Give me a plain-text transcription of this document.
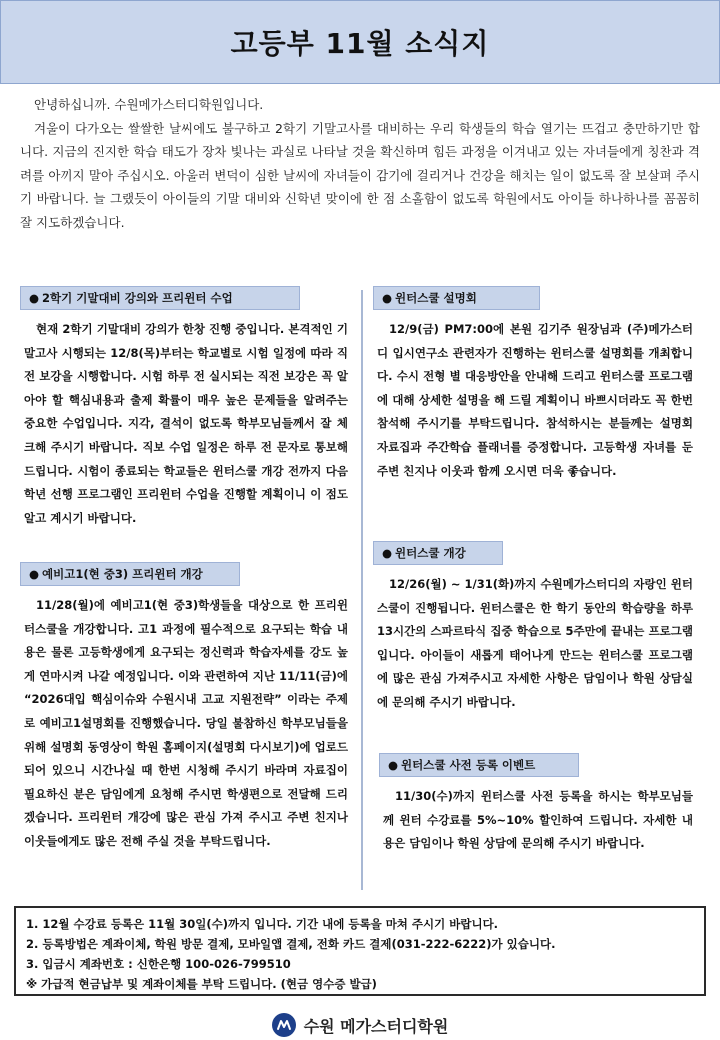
고등부 11월 소식지

안녕하십니까. 수원메가스터디학원입니다.

겨울이 다가오는 쌀쌀한 날씨에도 불구하고 2학기 기말고사를 대비하는 우리 학생들의 학습 열기는 뜨겁고 충만하기만 합니다. 지금의 진지한 학습 태도가 장차 빛나는 과실로 나타날 것을 확신하며 힘든 과정을 이겨내고 있는 자녀들에게 칭찬과 격려를 아끼지 말아 주십시오. 아울러 변덕이 심한 날씨에 자녀들이 감기에 걸리거나 건강을 해치는 일이 없도록 잘 보살펴 주시기 바랍니다. 늘 그랬듯이 아이들의 기말 대비와 신학년 맞이에 한 점 소홀함이 없도록 학원에서도 아이들 하나하나를 꼼꼼히 잘 지도하겠습니다.

● 2학기 기말대비 강의와 프리윈터 수업
현재 2학기 기말대비 강의가 한창 진행 중입니다. 본격적인 기말고사 시행되는 12/8(목)부터는 학교별로 시험 일정에 따라 직전 보강을 시행합니다. 시험 하루 전 실시되는 직전 보강은 꼭 알아야 할 핵심내용과 출제 확률이 매우 높은 문제들을 알려주는 중요한 수업입니다. 지각, 결석이 없도록 학부모님들께서 잘 체크해 주시기 바랍니다. 직보 수업 일정은 하루 전 문자로 통보해 드립니다. 시험이 종료되는 학교들은 윈터스쿨 개강 전까지 다음 학년 선행 프로그램인 프리윈터 수업을 진행할 계획이니 이 점도 알고 계시기 바랍니다.
● 예비고1(현 중3) 프리윈터 개강
11/28(월)에 예비고1(현 중3)학생들을 대상으로 한 프리윈터스쿨을 개강합니다. 고1 과정에 필수적으로 요구되는 학습 내용은 물론 고등학생에게 요구되는 정신력과 학습자세를 강도 높게 연마시켜 나갈 예정입니다. 이와 관련하여 지난 11/11(금)에 “2026대입 핵심이슈와 수원시내 고교 지원전략” 이라는 주제로 예비고1설명회를 진행했습니다. 당일 불참하신 학부모님들을 위해 설명회 동영상이 학원 홈페이지(설명회 다시보기)에 업로드 되어 있으니 시간나실 때 한번 시청해 주시기 바라며 자료집이 필요하신 분은 담임에게 요청해 주시면 학생편으로 전달해 드리겠습니다. 프리윈터 개강에 많은 관심 가져 주시고 주변 친지나 이웃들에게도 많은 전해 주실 것을 부탁드립니다.
● 윈터스쿨 설명회
12/9(금) PM7:00에 본원 김기주 원장님과 (주)메가스터디 입시연구소 관련자가 진행하는 윈터스쿨 설명회를 개최합니다. 수시 전형 별 대응방안을 안내해 드리고 윈터스쿨 프로그램에 대해 상세한 설명을 해 드릴 계획이니 바쁘시더라도 꼭 한번 참석해 주시기를 부탁드립니다. 참석하시는 분들께는 설명회 자료집과 주간학습 플래너를 증정합니다. 고등학생 자녀를 둔 주변 친지나 이웃과 함께 오시면 더욱 좋습니다.
● 윈터스쿨 개강
12/26(월) ~ 1/31(화)까지 수원메가스터디의 자랑인 윈터스쿨이 진행됩니다. 윈터스쿨은 한 학기 동안의 학습량을 하루 13시간의 스파르타식 집중 학습으로 5주만에 끝내는 프로그램입니다. 아이들이 새롭게 태어나게 만드는 윈터스쿨 프로그램에 많은 관심 가져주시고 자세한 사항은 담임이나 학원 상담실에 문의해 주시기 바랍니다.
● 윈터스쿨 사전 등록 이벤트
11/30(수)까지 윈터스쿨 사전 등록을 하시는 학부모님들께 윈터 수강료를 5%~10% 할인하여 드립니다. 자세한 내용은 담임이나 학원 상담에 문의해 주시기 바랍니다.
1. 12월 수강료 등록은 11월 30일(수)까지 입니다. 기간 내에 등록을 마쳐 주시기 바랍니다.
2. 등록방법은 계좌이체, 학원 방문 결제, 모바일앱 결제, 전화 카드 결제(031-222-6222)가 있습니다.
3. 입금시 계좌번호 : 신한은행 100-026-799510
※ 가급적 현금납부 및 계좌이체를 부탁 드립니다. (현금 영수증 발급)
수원 메가스터디학원
